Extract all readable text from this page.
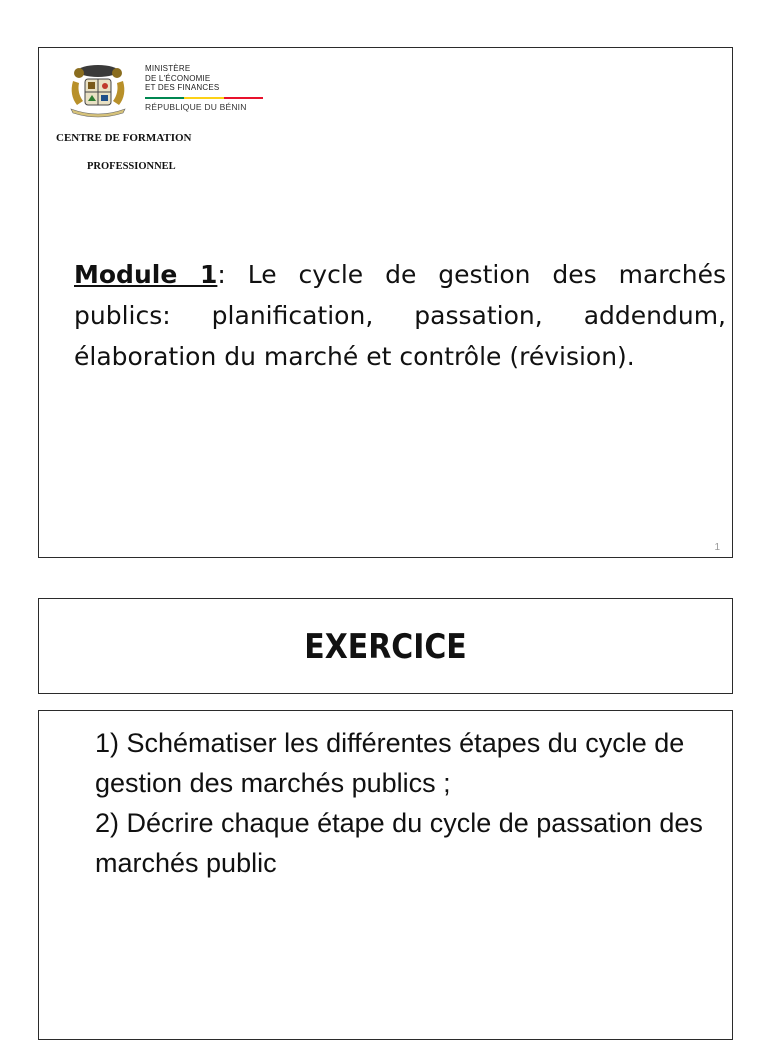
MINISTÈRE
DE L'ÉCONOMIE
ET DES FINANCES
RÉPUBLIQUE DU BÉNIN
CENTRE DE FORMATION
PROFESSIONNEL

Module 1: Le cycle de gestion des marchés publics: planification, passation, addendum, élaboration du marché et contrôle (révision).

1
EXERCICE
1) Schématiser les différentes étapes du cycle de gestion des marchés publics ;
2) Décrire chaque étape du cycle de passation des marchés public
